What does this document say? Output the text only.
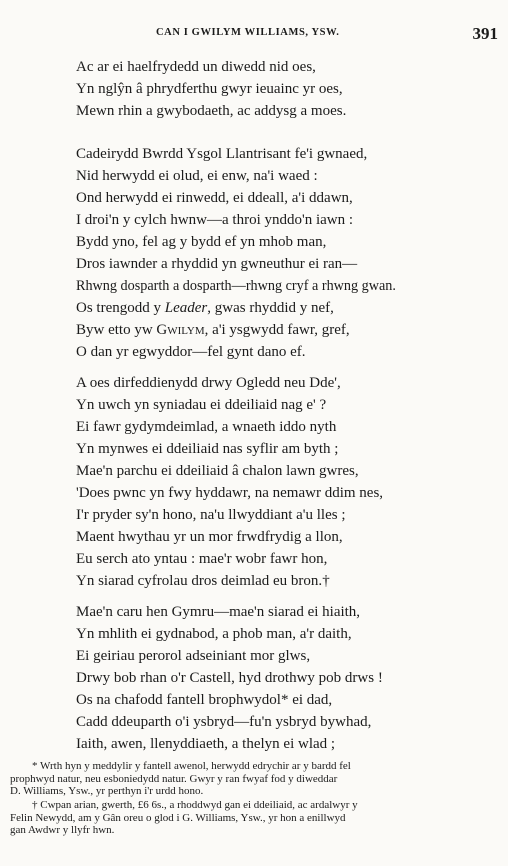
CAN I GWILYM WILLIAMS, YSW.	391
Ac ar ei haelfrydedd un diwedd nid oes,
Yn nglŷn â phrydferthu gwyr ieuainc yr oes,
Mewn rhin a gwybodaeth, ac addysg a moes.
Cadeirydd Bwrdd Ysgol Llantrisant fe'i gwnaed,
Nid herwydd ei olud, ei enw, na'i waed :
Ond herwydd ei rinwedd, ei ddeall, a'i ddawn,
I droi'n y cylch hwnw—a throi ynddo'n iawn :
Bydd yno, fel ag y bydd ef yn mhob man,
Dros iawnder a rhyddid yn gwneuthur ei ran—
Rhwng dosparth a dosparth—rhwng cryf a rhwng gwan.
Os trengodd y Leader, gwas rhyddid y nef,
Byw etto yw Gwilym, a'i ysgwydd fawr, gref,
O dan yr egwyddor—fel gynt dano ef.
A oes dirfeddienydd drwy Ogledd neu Dde',
Yn uwch yn syniadau ei ddeiliaid nag e' ?
Ei fawr gydymdeimlad, a wnaeth iddo nyth
Yn mynwes ei ddeiliaid nas syflir am byth ;
Mae'n parchu ei ddeiliaid â chalon lawn gwres,
'Does pwnc yn fwy hyddawr, na nemawr ddim nes,
I'r pryder sy'n hono, na'u llwyddiant a'u lles ;
Maent hwythau yr un mor frwdfrydig a llon,
Eu serch ato yntau : mae'r wobr fawr hon,
Yn siarad cyfrolau dros deimlad eu bron.†
Mae'n caru hen Gymru—mae'n siarad ei hiaith,
Yn mhlith ei gydnabod, a phob man, a'r daith,
Ei geiriau perorol adseiniant mor glws,
Drwy bob rhan o'r Castell, hyd drothwy pob drws !
Os na chafodd fantell brophwydol* ei dad,
Cadd ddeuparth o'i ysbryd—fu'n ysbryd bywhad,
Iaith, awen, llenyddiaeth, a thelyn ei wlad ;
* Wrth hyn y meddylir y fantell awenol, herwydd edrychir ar y bardd fel
prophwyd natur, neu esboniedydd natur. Gwyr y ran fwyaf fod y diweddar
D. Williams, Ysw., yr perthyn i'r urdd hono.
† Cwpan arian, gwerth, £6 6s., a rhoddwyd gan ei ddeiliaid, ac ardalwyr y
Felin Newydd, am y Gân oreu o glod i G. Williams, Ysw., yr hon a enillwyd
gan Awdwr y llyfr hwn.
